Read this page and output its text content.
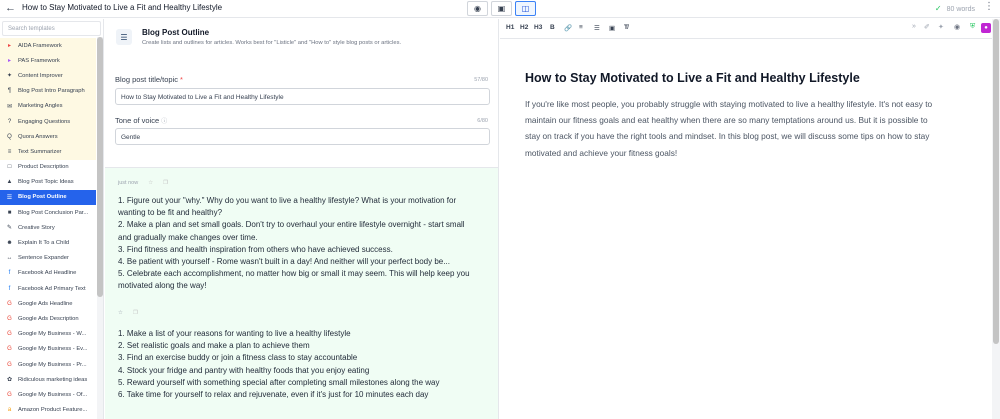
← How to Stay Motivated to Live a Fit and Healthy Lifestyle	◉ ▣ ◫	✓ 80 words ⋮
Search templates
▸	AIDA Framework
▸	PAS Framework
✦ Content Improver
¶	Blog Post Intro Paragraph
✉ Marketing Angles
?	Engaging Questions
Q Quora Answers
≡	Text Summarizer
□ Product Description
▲ Blog Post Topic Ideas
☰ Blog Post Outline
■ Blog Post Conclusion Par...
✎ Creative Story
☻ Explain It To a Child
↔ Sentence Expander
f	Facebook Ad Headline
f	Facebook Ad Primary Text
G Google Ads Headline
G Google Ads Description
G Google My Business - W...
G Google My Business - Ev...
G Google My Business - Pr...
✿ Ridiculous marketing ideas
G Google My Business - Of...
a	Amazon Product Feature...
☰	Blog Post Outline
Create lists and outlines for articles. Works best for "Listicle" and "How to" style blog posts or articles.
Blog post title/topic *	57/80
How to Stay Motivated to Live a Fit and Healthy Lifestyle
Tone of voice ⓘ	6/80
Gentle
just now ☆ ❐
1. Figure out your "why." Why do you want to live a healthy lifestyle? What is your motivation for
wanting to be fit and healthy?
2. Make a plan and set small goals. Don't try to overhaul your entire lifestyle overnight - start small
and gradually make changes over time.
3. Find fitness and health inspiration from others who have achieved success.
4. Be patient with yourself - Rome wasn't built in a day! And neither will your perfect body be...
5. Celebrate each accomplishment, no matter how big or small it may seem. This will help keep you
motivated along the way!
☆ ❐
1. Make a list of your reasons for wanting to live a healthy lifestyle
2. Set realistic goals and make a plan to achieve them
3. Find an exercise buddy or join a fitness class to stay accountable
4. Stock your fridge and pantry with healthy foods that you enjoy eating
5. Reward yourself with something special after completing small milestones along the way
6. Take time for yourself to relax and rejuvenate, even if it's just for 10 minutes each day
H1 H2 H3 B 🔗 ≡ ☰ ▣ T̸	» ✐ ✦ ◉ ⛨	●
How to Stay Motivated to Live a Fit and Healthy Lifestyle
If you're like most people, you probably struggle with staying motivated to live a healthy lifestyle. It's not easy to
maintain our fitness goals and eat healthy when there are so many temptations around us. But it is possible to
stay on track if you have the right tools and mindset. In this blog post, we will discuss some tips on how to stay
motivated and achieve your fitness goals!
